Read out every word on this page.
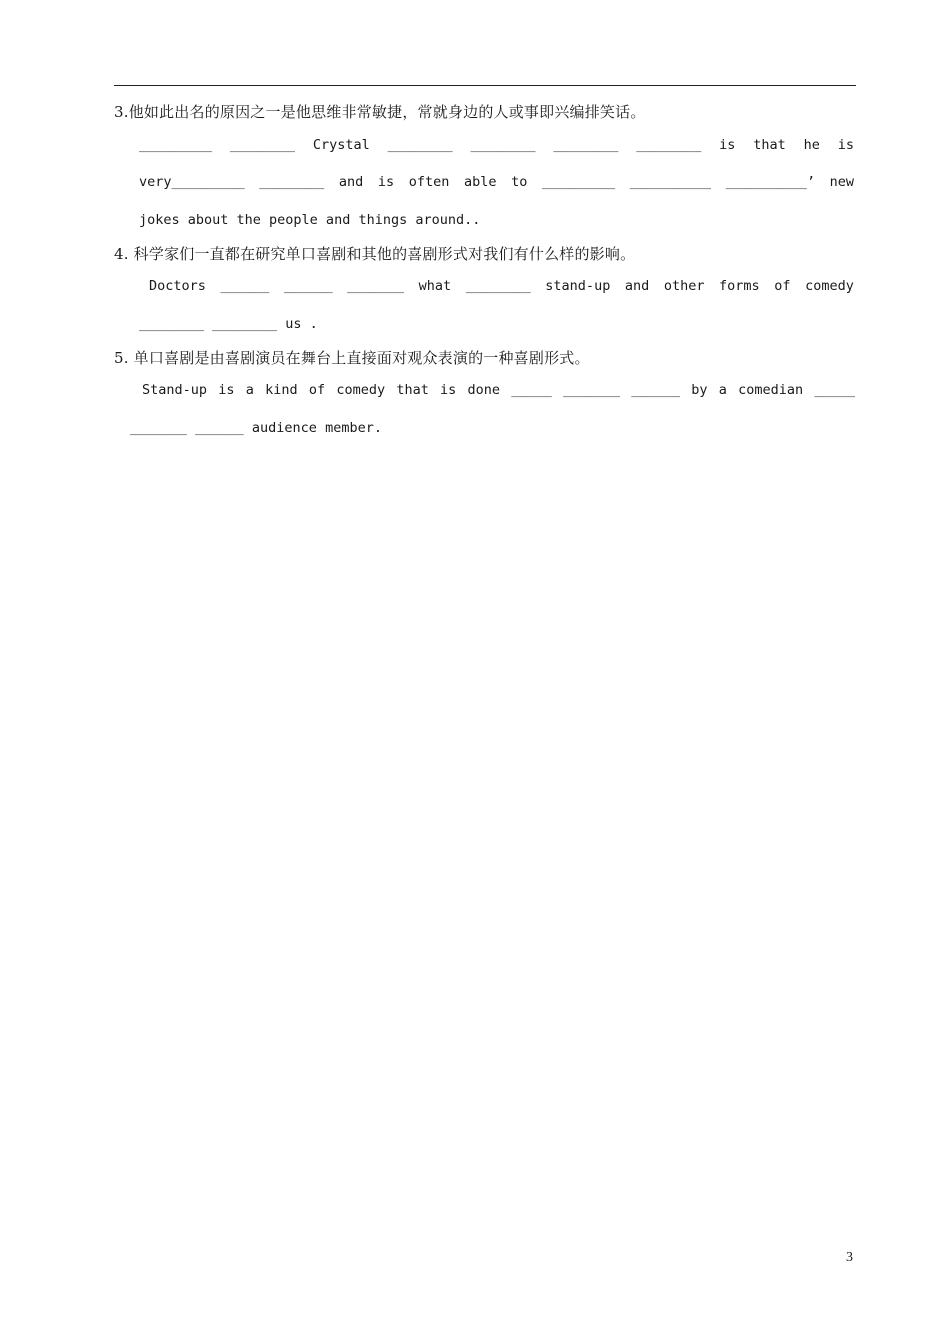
3.他如此出名的原因之一是他思维非常敏捷，常就身边的人或事即兴编排笑话。
_________ ________ Crystal ________ ________ ________ ________ is that he is
very_________ ________ and is often able to _________ __________ __________’ new
jokes about the people and things around..
4. 科学家们一直都在研究单口喜剧和其他的喜剧形式对我们有什么样的影响。
Doctors ______ ______ _______ what ________ stand-up and other forms of comedy
________ ________ us .
5. 单口喜剧是由喜剧演员在舞台上直接面对观众表演的一种喜剧形式。
Stand-up is a kind of comedy that is done _____ _______ ______ by a comedian _____
_______ ______ audience member.
3
